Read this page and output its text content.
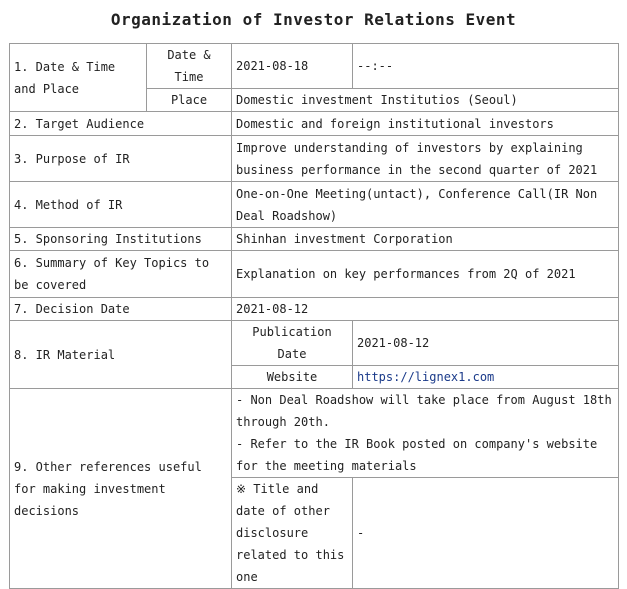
Organization of Investor Relations Event
1. Date & Time and Place	Date & Time	2021-08-18	--:--
	Place	Domestic investment Institutios (Seoul)	
2. Target Audience		Domestic and foreign institutional investors	
3. Purpose of IR		Improve understanding of investors by explaining business performance in the second quarter of 2021	
4. Method of IR		One-on-One Meeting(untact), Conference Call(IR Non Deal Roadshow)	
5. Sponsoring Institutions		Shinhan investment Corporation	
6. Summary of Key Topics to be covered		Explanation on key performances from 2Q of 2021	
7. Decision Date		2021-08-12	
8. IR Material		Publication Date	2021-08-12
		Website	https://lignex1.com
9. Other references useful for making investment decisions		- Non Deal Roadshow will take place from August 18th through 20th.
- Refer to the IR Book posted on company's website for the meeting materials	

		※ Title and date of other disclosure related to this one	-
